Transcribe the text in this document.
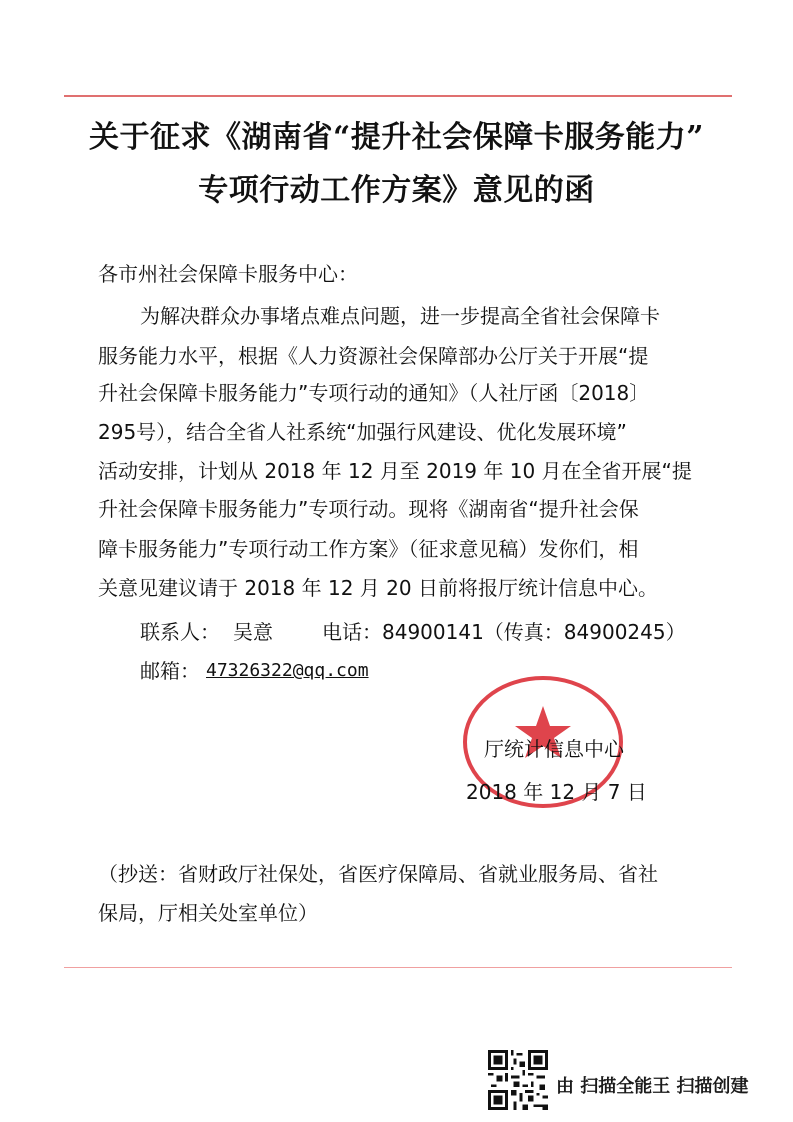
关于征求《湖南省“提升社会保障卡服务能力”
专项行动工作方案》意见的函
各市州社会保障卡服务中心：
为解决群众办事堵点难点问题，进一步提高全省社会保障卡
服务能力水平，根据《人力资源社会保障部办公厅关于开展“提
升社会保障卡服务能力”专项行动的通知》（人社厅函〔2018〕
295号），结合全省人社系统“加强行风建设、优化发展环境”
活动安排，计划从 2018 年 12 月至 2019 年 10 月在全省开展“提
升社会保障卡服务能力”专项行动。现将《湖南省“提升社会保
障卡服务能力”专项行动工作方案》（征求意见稿）发你们，相
关意见建议请于 2018 年 12 月 20 日前将报厅统计信息中心。
联系人： 吴意 电话：84900141（传真：84900245）
邮箱： 47326322@qq.com
厅统计信息中心
2018 年 12 月 7 日
（抄送：省财政厅社保处，省医疗保障局、省就业服务局、省社
保局，厅相关处室单位）
由 扫描全能王 扫描创建
